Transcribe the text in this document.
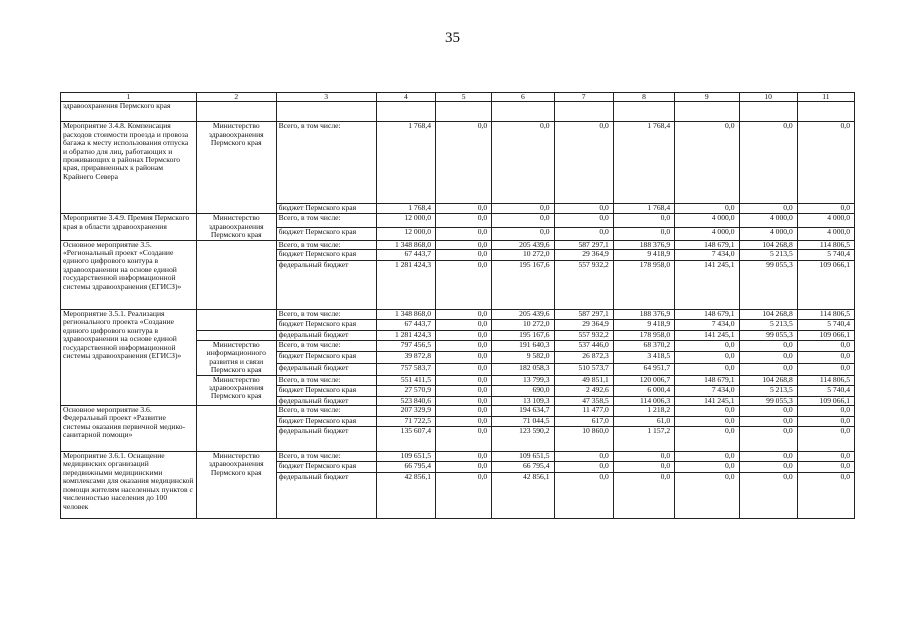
35
1	2	3	4	5	6	7	8	9	10	11
здравоохранения Пермского края										
Мероприятие 3.4.8. Компенсация расходов стоимости проезда и провоза багажа к месту использования отпуска и обратно для лиц, работающих и проживающих в районах Пермского края, приравненных к районам Крайнего Севера	Министерство здравоохранения Пермского края	Всего, в том числе:	1 768,4	0,0	0,0	0,0	1 768,4	0,0	0,0	0,0
		бюджет Пермского края	1 768,4	0,0	0,0	0,0	1 768,4	0,0	0,0	0,0
Мероприятие 3.4.9. Премия Пермского края в области здравоохранения	Министерство здравоохранения Пермского края	Всего, в том числе:	12 000,0	0,0	0,0	0,0	0,0	4 000,0	4 000,0	4 000,0
		бюджет Пермского края	12 000,0	0,0	0,0	0,0	0,0	4 000,0	4 000,0	4 000,0
Основное мероприятие 3.5. «Региональный проект «Создание единого цифрового контура в здравоохранении на основе единой государственной информационной системы здравоохранения (ЕГИСЗ)»		Всего, в том числе:	1 348 868,0	0,0	205 439,6	587 297,1	188 376,9	148 679,1	104 268,8	114 806,5
		бюджет Пермского края	67 443,7	0,0	10 272,0	29 364,9	9 418,9	7 434,0	5 213,5	5 740,4
		федеральный бюджет	1 281 424,3	0,0	195 167,6	557 932,2	178 958,0	141 245,1	99 055,3	109 066,1
Мероприятие 3.5.1. Реализация регионального проекта «Создание единого цифрового контура в здравоохранении на основе единой государственной информационной системы здравоохранения (ЕГИСЗ)»		Всего, в том числе:	1 348 868,0	0,0	205 439,6	587 297,1	188 376,9	148 679,1	104 268,8	114 806,5
		бюджет Пермского края	67 443,7	0,0	10 272,0	29 364,9	9 418,9	7 434,0	5 213,5	5 740,4
		федеральный бюджет	1 281 424,3	0,0	195 167,6	557 932,2	178 958,0	141 245,1	99 055,3	109 066,1
	Министерство информационного развития и связи Пермского края	Всего, в том числе:	797 456,5	0,0	191 640,3	537 446,0	68 370,2	0,0	0,0	0,0
		бюджет Пермского края	39 872,8	0,0	9 582,0	26 872,3	3 418,5	0,0	0,0	0,0
		федеральный бюджет	757 583,7	0,0	182 058,3	510 573,7	64 951,7	0,0	0,0	0,0
	Министерство здравоохранения Пермского края	Всего, в том числе:	551 411,5	0,0	13 799,3	49 851,1	120 006,7	148 679,1	104 268,8	114 806,5
		бюджет Пермского края	27 570,9	0,0	690,0	2 492,6	6 000,4	7 434,0	5 213,5	5 740,4
		федеральный бюджет	523 840,6	0,0	13 109,3	47 358,5	114 006,3	141 245,1	99 055,3	109 066,1
Основное мероприятие 3.6. Федеральный проект «Развитие системы оказания первичной медико-санитарной помощи»		Всего, в том числе:	207 329,9	0,0	194 634,7	11 477,0	1 218,2	0,0	0,0	0,0
		бюджет Пермского края	71 722,5	0,0	71 044,5	617,0	61,0	0,0	0,0	0,0
		федеральный бюджет	135 607,4	0,0	123 590,2	10 860,0	1 157,2	0,0	0,0	0,0
Мероприятие 3.6.1. Оснащение медицинских организаций передвижными медицинскими комплексами для оказания медицинской помощи жителям населенных пунктов с численностью населения до 100 человек	Министерство здравоохранения Пермского края	Всего, в том числе:	109 651,5	0,0	109 651,5	0,0	0,0	0,0	0,0	0,0
		бюджет Пермского края	66 795,4	0,0	66 795,4	0,0	0,0	0,0	0,0	0,0
		федеральный бюджет	42 856,1	0,0	42 856,1	0,0	0,0	0,0	0,0	0,0
